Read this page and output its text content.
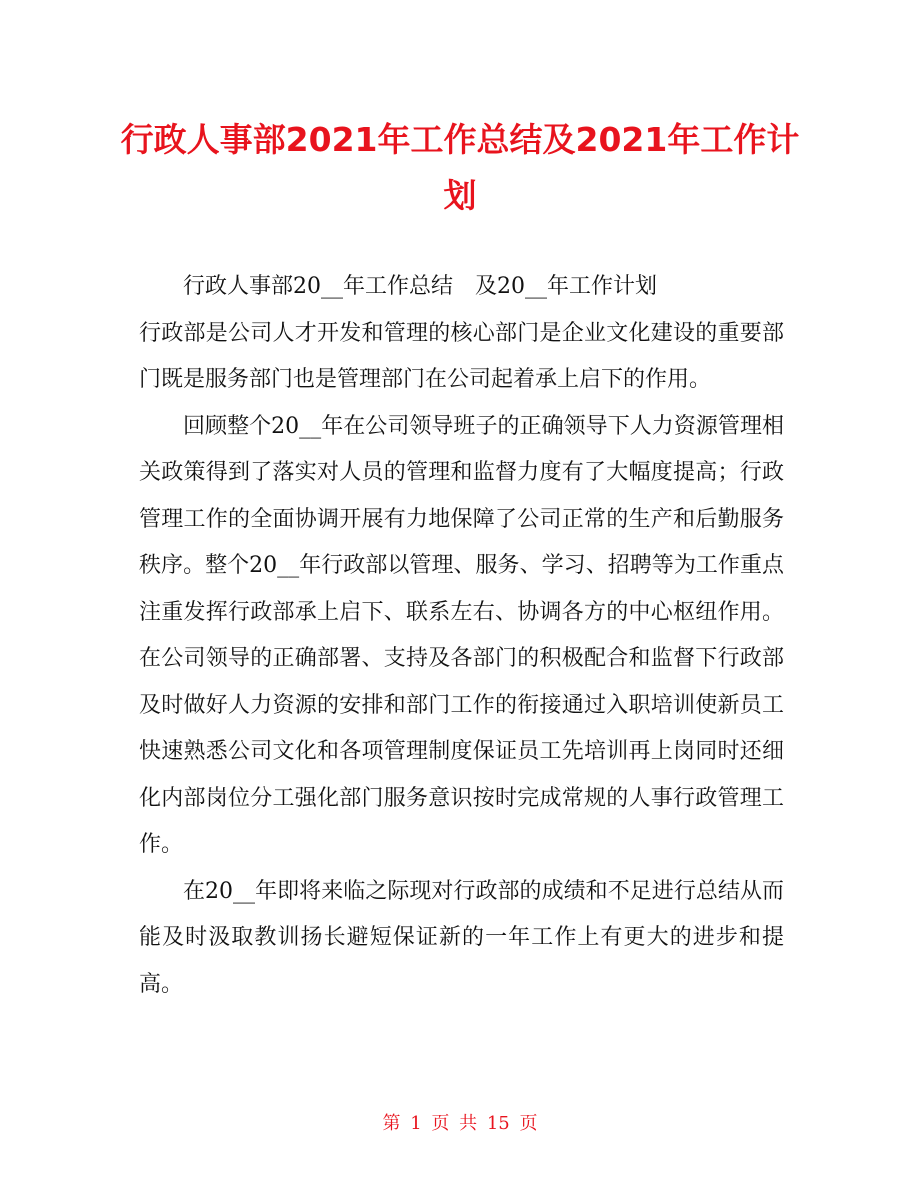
行政人事部2021年工作总结及2021年工作计划

行政人事部20__年工作总结　及20__年工作计划

行政部是公司人才开发和管理的核心部门是企业文化建设的重要部门既是服务部门也是管理部门在公司起着承上启下的作用。

回顾整个20__年在公司领导班子的正确领导下人力资源管理相关政策得到了落实对人员的管理和监督力度有了大幅度提高；行政管理工作的全面协调开展有力地保障了公司正常的生产和后勤服务秩序。整个20__年行政部以管理、服务、学习、招聘等为工作重点注重发挥行政部承上启下、联系左右、协调各方的中心枢纽作用。在公司领导的正确部署、支持及各部门的积极配合和监督下行政部及时做好人力资源的安排和部门工作的衔接通过入职培训使新员工快速熟悉公司文化和各项管理制度保证员工先培训再上岗同时还细化内部岗位分工强化部门服务意识按时完成常规的人事行政管理工作。

在20__年即将来临之际现对行政部的成绩和不足进行总结从而能及时汲取教训扬长避短保证新的一年工作上有更大的进步和提高。

第 1 页 共 15 页
